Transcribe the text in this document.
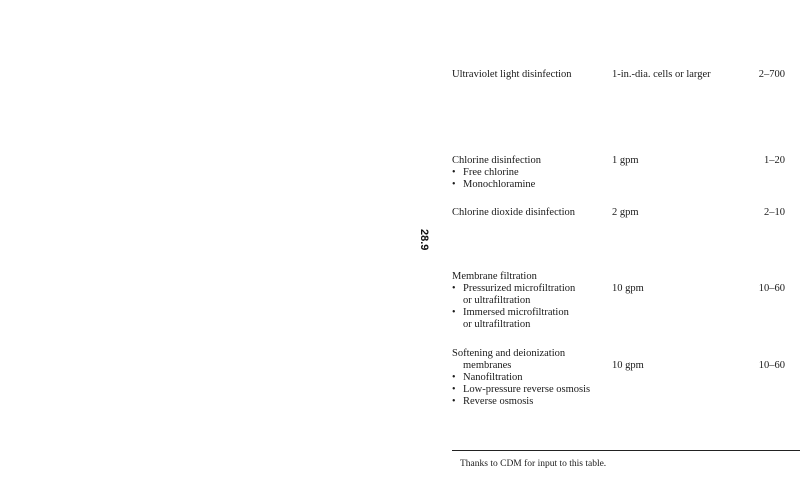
28.9
Ultraviolet light disinfection	1-in.-dia. cells or larger	2–700
Chlorine disinfection
• Free chlorine
• Monochloramine
1 gpm	1–20
Chlorine dioxide disinfection	2 gpm	2–10
Membrane filtration
• Pressurized microfiltration
or ultrafiltration
• Immersed microfiltration
or ultrafiltration
10 gpm	10–60
Softening and deionization
membranes
• Nanofiltration
• Low-pressure reverse osmosis
• Reverse osmosis
10 gpm	10–60
Thanks to CDM for input to this table.
